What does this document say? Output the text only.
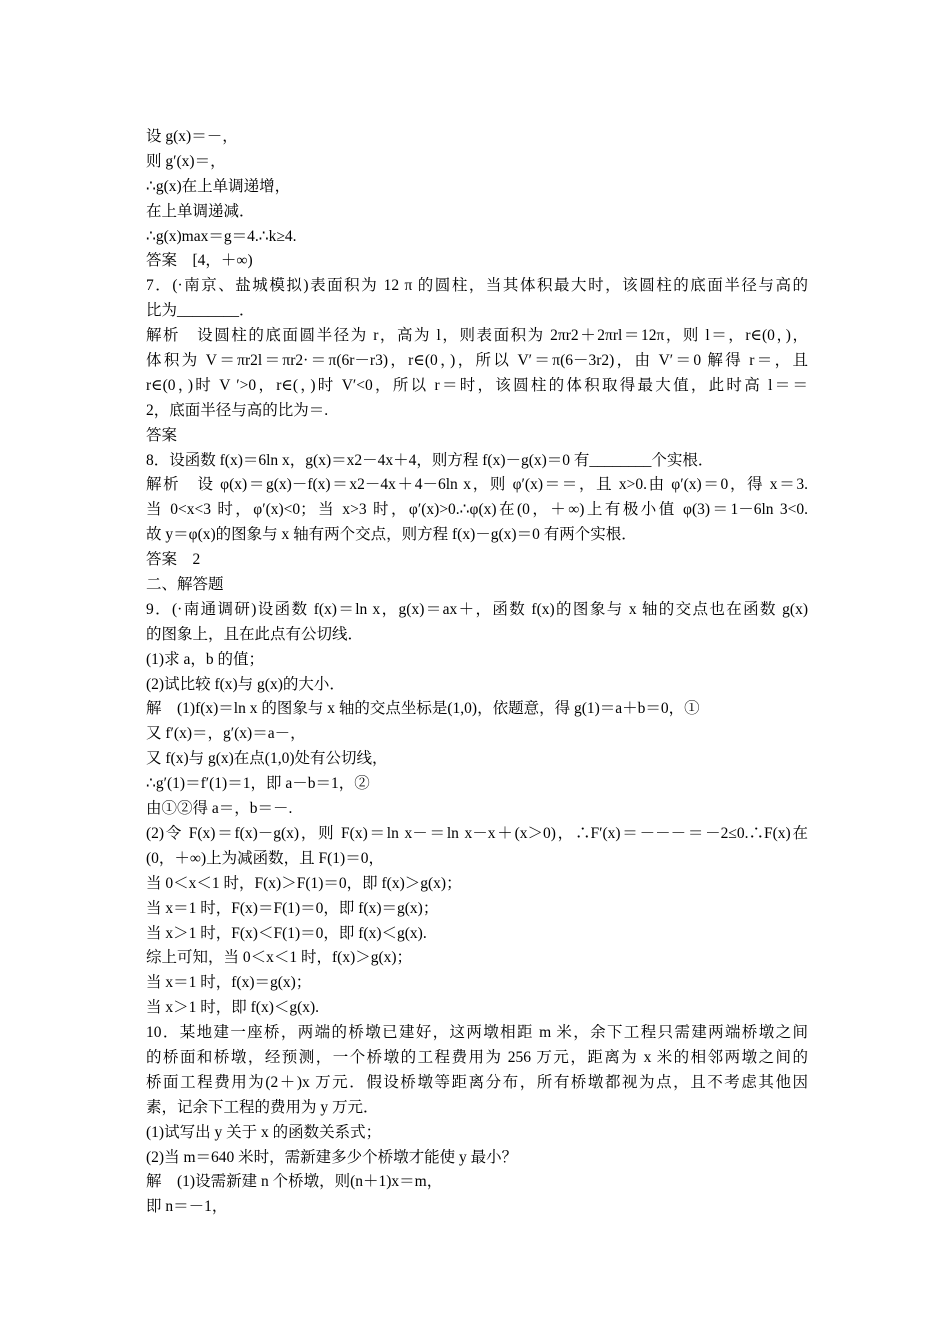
设 g(x)＝－，
则 g′(x)＝，
∴g(x)在上单调递增，
在上单调递减．
∴g(x)max＝g＝4.∴k≥4.
答案　[4，＋∞)
7．(·南京、盐城模拟)表面积为 12 π 的圆柱，当其体积最大时，该圆柱的底面半径与高的
比为________．
解析　设圆柱的底面圆半径为 r，高为 l，则表面积为 2πr2＋2πrl＝12π，则 l＝，r∈(0，)，
体积为 V＝πr2l＝πr2·＝π(6r－r3)，r∈(0，)，所以 V′＝π(6－3r2)，由 V′＝0 解得 r＝，且
r∈(0，)时 V ′>0，r∈(，)时 V′<0，所以 r＝时，该圆柱的体积取得最大值，此时高 l＝＝
2，底面半径与高的比为＝.
答案
8．设函数 f(x)＝6ln x，g(x)＝x2－4x＋4，则方程 f(x)－g(x)＝0 有________个实根．
解析　设 φ(x)＝g(x)－f(x)＝x2－4x＋4－6ln x，则 φ′(x)＝＝，且 x>0.由 φ′(x)＝0，得 x＝3.
当 0<x<3 时，φ′(x)<0；当 x>3 时，φ′(x)>0.∴φ(x)在(0，＋∞)上有极小值 φ(3)＝1－6ln 3<0.
故 y＝φ(x)的图象与 x 轴有两个交点，则方程 f(x)－g(x)＝0 有两个实根．
答案　2
二、解答题
9．(·南通调研)设函数 f(x)＝ln x，g(x)＝ax＋，函数 f(x)的图象与 x 轴的交点也在函数 g(x)
的图象上，且在此点有公切线．
(1)求 a，b 的值；
(2)试比较 f(x)与 g(x)的大小．
解　(1)f(x)＝ln x 的图象与 x 轴的交点坐标是(1,0)，依题意，得 g(1)＝a＋b＝0，①
又 f′(x)＝，g′(x)＝a－，
又 f(x)与 g(x)在点(1,0)处有公切线，
∴g′(1)＝f′(1)＝1，即 a－b＝1，②
由①②得 a＝，b＝－.
(2)令 F(x)＝f(x)－g(x)，则 F(x)＝ln x－＝ln x－x＋(x＞0)，∴F′(x)＝－－－＝－2≤0.∴F(x)在
(0，＋∞)上为减函数，且 F(1)＝0，
当 0＜x＜1 时，F(x)＞F(1)＝0，即 f(x)＞g(x)；
当 x＝1 时，F(x)＝F(1)＝0，即 f(x)＝g(x)；
当 x＞1 时，F(x)＜F(1)＝0，即 f(x)＜g(x).
综上可知，当 0＜x＜1 时，f(x)＞g(x)；
当 x＝1 时，f(x)＝g(x)；
当 x＞1 时，即 f(x)＜g(x).
10．某地建一座桥，两端的桥墩已建好，这两墩相距 m 米，余下工程只需建两端桥墩之间
的桥面和桥墩，经预测，一个桥墩的工程费用为 256 万元，距离为 x 米的相邻两墩之间的
桥面工程费用为(2＋)x 万元．假设桥墩等距离分布，所有桥墩都视为点，且不考虑其他因
素，记余下工程的费用为 y 万元．
(1)试写出 y 关于 x 的函数关系式；
(2)当 m＝640 米时，需新建多少个桥墩才能使 y 最小？
解　(1)设需新建 n 个桥墩，则(n＋1)x＝m，
即 n＝－1，
